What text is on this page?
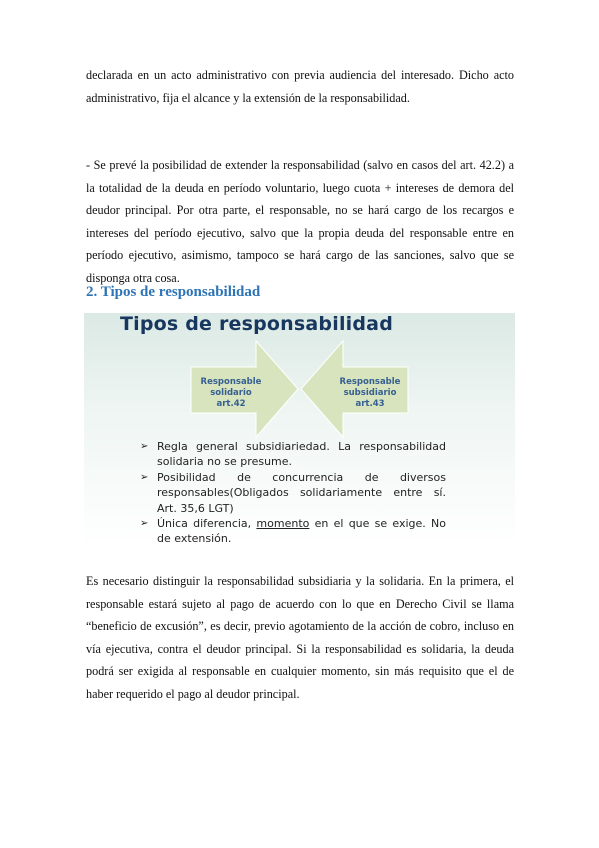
declarada en un acto administrativo con previa audiencia del interesado. Dicho acto administrativo, fija el alcance y la extensión de la responsabilidad.

- Se prevé la posibilidad de extender la responsabilidad (salvo en casos del art. 42.2) a la totalidad de la deuda en período voluntario, luego cuota + intereses de demora del deudor principal. Por otra parte, el responsable, no se hará cargo de los recargos e intereses del período ejecutivo, salvo que la propia deuda del responsable entre en período ejecutivo, asimismo, tampoco se hará cargo de las sanciones, salvo que se disponga otra cosa.

2. Tipos de responsabilidad
Tipos de responsabilidad
Responsable
solidario
art.42
Responsable
subsidiario
art.43
➢ Regla general subsidiariedad. La responsabilidad solidaria no se presume.
➢ Posibilidad de concurrencia de diversos responsables(Obligados solidariamente entre sí. Art. 35,6 LGT)
➢ Única diferencia, momento en el que se exige. No de extensión.

Es necesario distinguir la responsabilidad subsidiaria y la solidaria. En la primera, el responsable estará sujeto al pago de acuerdo con lo que en Derecho Civil se llama “beneficio de excusión”, es decir, previo agotamiento de la acción de cobro, incluso en vía ejecutiva, contra el deudor principal. Si la responsabilidad es solidaria, la deuda podrá ser exigida al responsable en cualquier momento, sin más requisito que el de haber requerido el pago al deudor principal.
